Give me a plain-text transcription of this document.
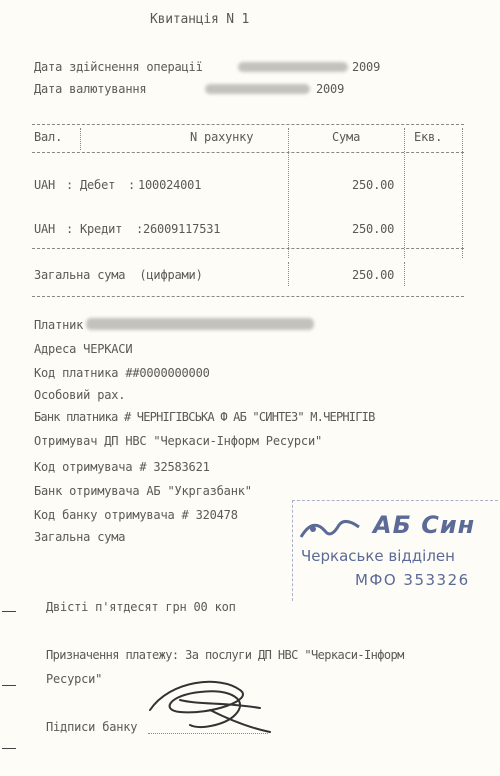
Квитанція N 1
Дата здійснення операції	2009
Дата валютування	2009
Вал.	N рахунку	Сума	Екв.
UAH : Дебет : 100024001	250.00
UAH : Кредит : 26009117531	250.00
Загальна сума  (цифрами)	250.00
Платник
Адреса ЧЕРКАСИ
Код платника ##0000000000
Особовий рах.
Банк платника # ЧЕРНІГІВСЬКА Ф АБ "СИНТЕЗ" М.ЧЕРНІГІВ
Отримувач ДП НВС "Черкаси-Інформ Ресурси"
Код отримувача # 32583621
Банк отримувача АБ "Укргазбанк"
Код банку отримувача # 320478
Загальна сума	АБ Син
Черкаське відділен
МФО 353326
Двісті п'ятдесят грн 00 коп
Призначення платежу: За послуги ДП НВС "Черкаси-Інформ
Ресурси"
Підписи банку
